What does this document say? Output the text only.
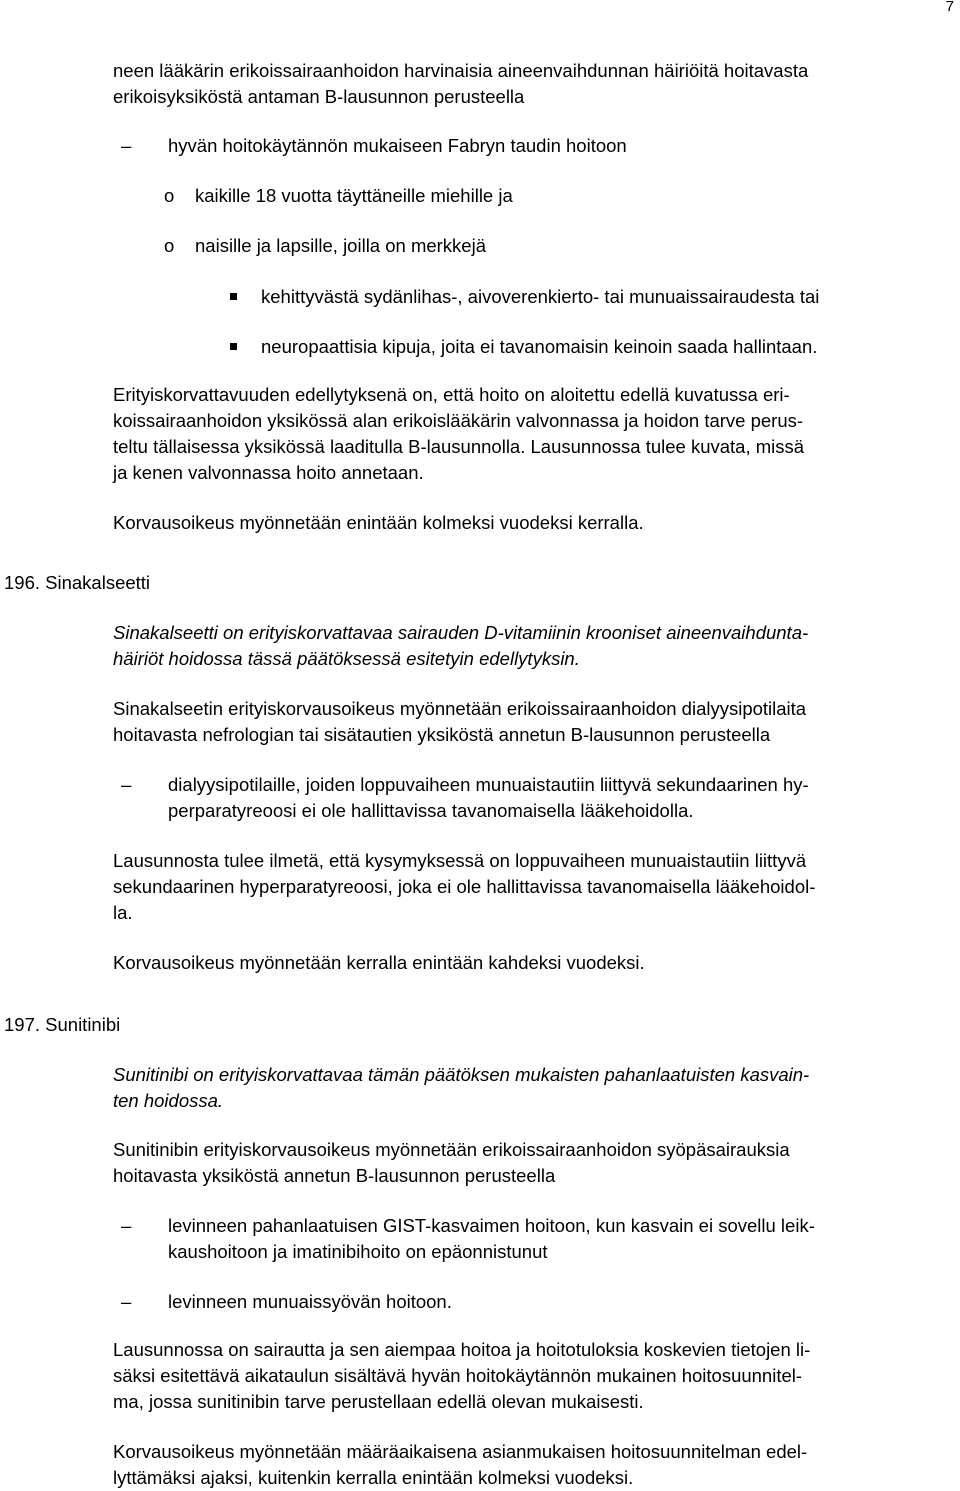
7

neen lääkärin erikoissairaanhoidon harvinaisia aineenvaihdunnan häiriöitä hoitavasta

erikoisyksiköstä antaman B-lausunnon perusteella

– hyvän hoitokäytännön mukaiseen Fabryn taudin hoitoon
o kaikille 18 vuotta täyttäneille miehille ja
o naisille ja lapsille, joilla on merkkejä
kehittyvästä sydänlihas-, aivoverenkierto- tai munuaissairaudesta tai
neuropaattisia kipuja, joita ei tavanomaisin keinoin saada hallintaan.

Erityiskorvattavuuden edellytyksenä on, että hoito on aloitettu edellä kuvatussa eri-

koissairaanhoidon yksikössä alan erikoislääkärin valvonnassa ja hoidon tarve perus-

teltu tällaisessa yksikössä laaditulla B-lausunnolla. Lausunnossa tulee kuvata, missä

ja kenen valvonnassa hoito annetaan.

Korvausoikeus myönnetään enintään kolmeksi vuodeksi kerralla.

196. Sinakalseetti

Sinakalseetti on erityiskorvattavaa sairauden D-vitamiinin krooniset aineenvaihdunta-

häiriöt hoidossa tässä päätöksessä esitetyin edellytyksin.

Sinakalseetin erityiskorvausoikeus myönnetään erikoissairaanhoidon dialyysipotilaita

hoitavasta nefrologian tai sisätautien yksiköstä annetun B-lausunnon perusteella

– dialyysipotilaille, joiden loppuvaiheen munuaistautiin liittyvä sekundaarinen hy-
perparatyreoosi ei ole hallittavissa tavanomaisella lääkehoidolla.

Lausunnosta tulee ilmetä, että kysymyksessä on loppuvaiheen munuaistautiin liittyvä

sekundaarinen hyperparatyreoosi, joka ei ole hallittavissa tavanomaisella lääkehoidol-

la.

Korvausoikeus myönnetään kerralla enintään kahdeksi vuodeksi.

197. Sunitinibi

Sunitinibi on erityiskorvattavaa tämän päätöksen mukaisten pahanlaatuisten kasvain-

ten hoidossa.

Sunitinibin erityiskorvausoikeus myönnetään erikoissairaanhoidon syöpäsairauksia

hoitavasta yksiköstä annetun B-lausunnon perusteella

– levinneen pahanlaatuisen GIST-kasvaimen hoitoon, kun kasvain ei sovellu leik-
kaushoitoon ja imatinibihoito on epäonnistunut
– levinneen munuaissyövän hoitoon.

Lausunnossa on sairautta ja sen aiempaa hoitoa ja hoitotuloksia koskevien tietojen li-

säksi esitettävä aikataulun sisältävä hyvän hoitokäytännön mukainen hoitosuunnitel-

ma, jossa sunitinibin tarve perustellaan edellä olevan mukaisesti.

Korvausoikeus myönnetään määräaikaisena asianmukaisen hoitosuunnitelman edel-

lyttämäksi ajaksi, kuitenkin kerralla enintään kolmeksi vuodeksi.
